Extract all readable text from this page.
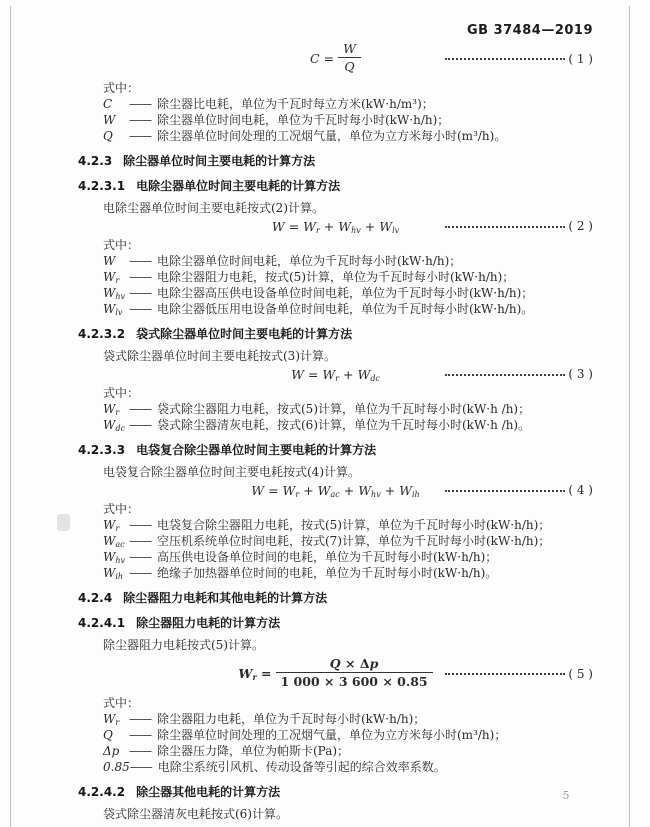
GB 37484—2019
$C = \frac{W}{Q}$	( 1 )
式中：
C —— 除尘器比电耗，单位为千瓦时每立方米(kW·h/m³)；
W —— 除尘器单位时间电耗，单位为千瓦时每小时(kW·h/h)；
Q —— 除尘器单位时间处理的工况烟气量，单位为立方米每小时(m³/h)。
4.2.3 除尘器单位时间主要电耗的计算方法
4.2.3.1 电除尘器单位时间主要电耗的计算方法
电除尘器单位时间主要电耗按式(2)计算。
$W = W_r + W_{hv} + W_{lv}$	( 2 )
式中：
W —— 电除尘器单位时间电耗，单位为千瓦时每小时(kW·h/h)；
$W_r$ —— 电除尘器阻力电耗，按式(5)计算，单位为千瓦时每小时(kW·h/h)；
$W_{hv}$ —— 电除尘器高压供电设备单位时间电耗，单位为千瓦时每小时(kW·h/h)；
$W_{lv}$ —— 电除尘器低压用电设备单位时间电耗，单位为千瓦时每小时(kW·h/h)。
4.2.3.2 袋式除尘器单位时间主要电耗的计算方法
袋式除尘器单位时间主要电耗按式(3)计算。
$W = W_r + W_{dc}$	( 3 )
式中：
$W_r$ —— 袋式除尘器阻力电耗，按式(5)计算，单位为千瓦时每小时(kW·h /h)；
$W_{dc}$ —— 袋式除尘器清灰电耗，按式(6)计算，单位为千瓦时每小时(kW·h /h)。
4.2.3.3 电袋复合除尘器单位时间主要电耗的计算方法
电袋复合除尘器单位时间主要电耗按式(4)计算。
$W = W_r + W_{ac} + W_{hv} + W_{ih}$	( 4 )
式中：
$W_r$ —— 电袋复合除尘器阻力电耗，按式(5)计算，单位为千瓦时每小时(kW·h/h)；
$W_{ac}$ —— 空压机系统单位时间电耗，按式(7)计算，单位为千瓦时每小时(kW·h/h)；
$W_{hv}$ —— 高压供电设备单位时间的电耗，单位为千瓦时每小时(kW·h/h)；
$W_{ih}$ —— 绝缘子加热器单位时间的电耗，单位为千瓦时每小时(kW·h/h)。
4.2.4 除尘器阻力电耗和其他电耗的计算方法
4.2.4.1 除尘器阻力电耗的计算方法
除尘器阻力电耗按式(5)计算。
$W_r = \frac{Q \times \Delta p}{1 000 \times 3 600 \times 0.85}$	( 5 )
式中：
$W_r$ —— 除尘器阻力电耗，单位为千瓦时每小时(kW·h/h)；
Q —— 除尘器单位时间处理的工况烟气量，单位为立方米每小时(m³/h)；
Δp —— 除尘器压力降，单位为帕斯卡(Pa)；
0.85—— 电除尘系统引风机、传动设备等引起的综合效率系数。
4.2.4.2 除尘器其他电耗的计算方法
袋式除尘器清灰电耗按式(6)计算。
5
